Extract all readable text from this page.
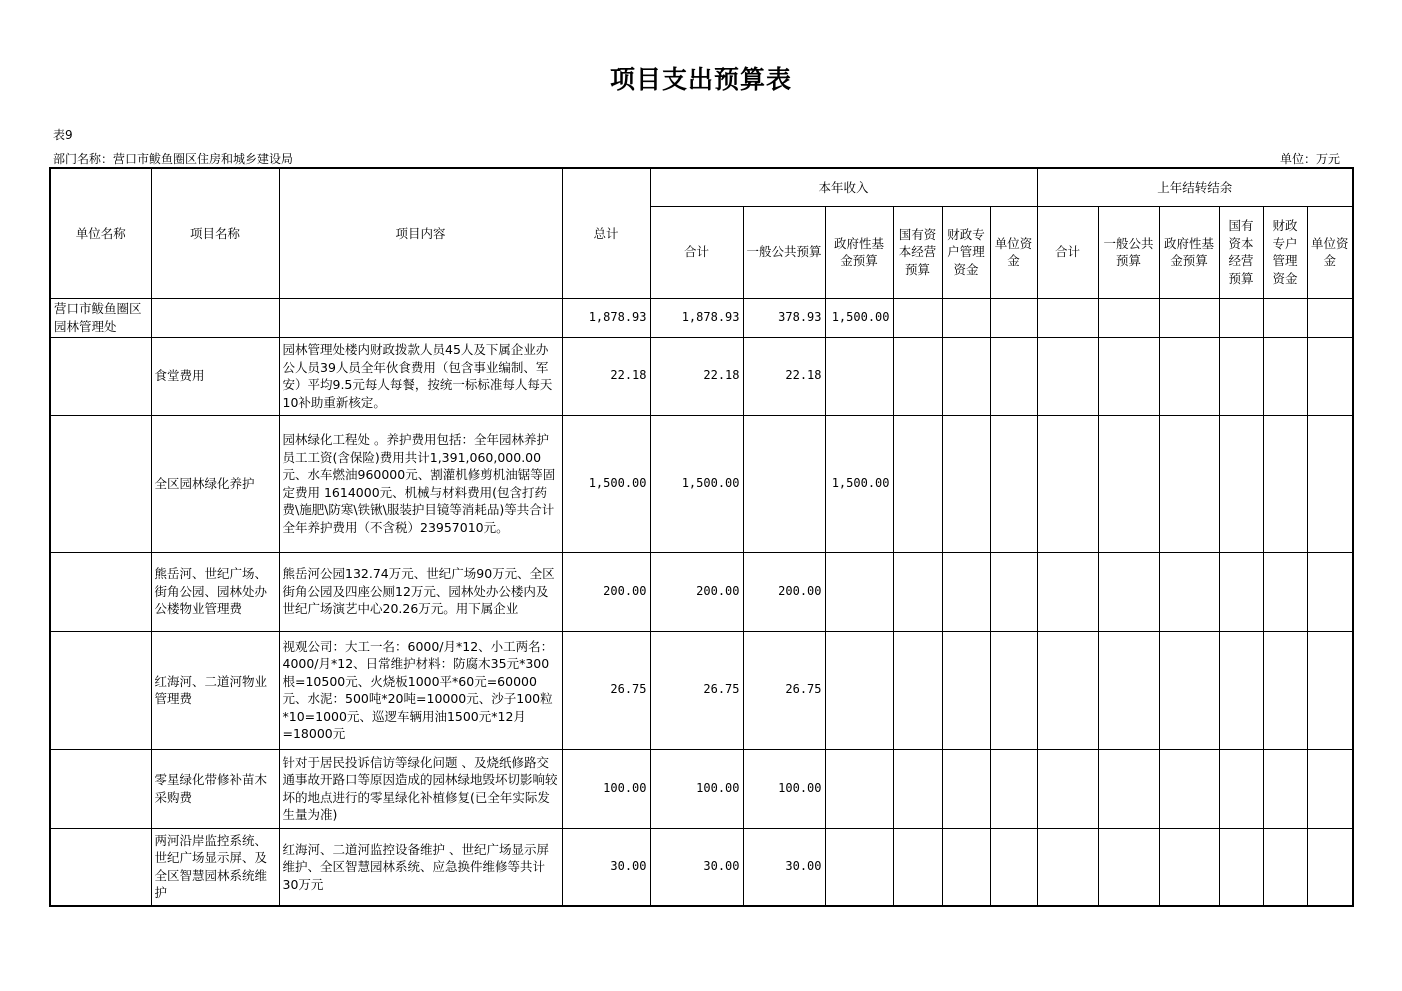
项目支出预算表
表9
部门名称：营口市鲅鱼圈区住房和城乡建设局	单位：万元
单位名称	项目名称	项目内容	总计	本年收入						上年结转结余					
				合计	一般公共预算	政府性基金预算	国有资本经营预算	财政专户管理资金	单位资金	合计	一般公共预算	政府性基金预算	国有资本经营预算	财政专户管理资金	单位资金
营口市鲅鱼圈区园林管理处			1,878.93	1,878.93	378.93	1,500.00									
	食堂费用	园林管理处楼内财政拨款人员45人及下属企业办公人员39人员全年伙食费用（包含事业编制、军安）平均9.5元每人每餐，按统一标标准每人每天10补助重新核定。	22.18	22.18	22.18										
	全区园林绿化养护	园林绿化工程处 。养护费用包括：全年园林养护员工工资(含保险)费用共计1,391,060,000.00元、水车燃油960000元、割灌机修剪机油锯等固定费用 1614000元、机械与材料费用(包含打药费\施肥\防寒\铁锹\服装护目镜等消耗品)等共合计全年养护费用（不含税）23957010元。	1,500.00	1,500.00		1,500.00									
	熊岳河、世纪广场、街角公园、园林处办公楼物业管理费	熊岳河公园132.74万元、世纪广场90万元、全区街角公园及四座公厕12万元、园林处办公楼内及世纪广场演艺中心20.26万元。用下属企业	200.00	200.00	200.00										
	红海河、二道河物业管理费	视观公司：大工一名：6000/月*12、小工两名：4000/月*12、日常维护材料：防腐木35元*300根=10500元、火烧板1000平*60元=60000元、水泥：500吨*20吨=10000元、沙子100粒*10=1000元、巡逻车辆用油1500元*12月=18000元	26.75	26.75	26.75										
	零星绿化带修补苗木采购费	针对于居民投诉信访等绿化问题 、及烧纸修路交通事故开路口等原因造成的园林绿地毁坏切影响较坏的地点进行的零星绿化补植修复(已全年实际发生量为准)	100.00	100.00	100.00										
	两河沿岸监控系统、世纪广场显示屏、及全区智慧园林系统维护	红海河、二道河监控设备维护 、世纪广场显示屏维护、全区智慧园林系统、应急换件维修等共计30万元	30.00	30.00	30.00										
